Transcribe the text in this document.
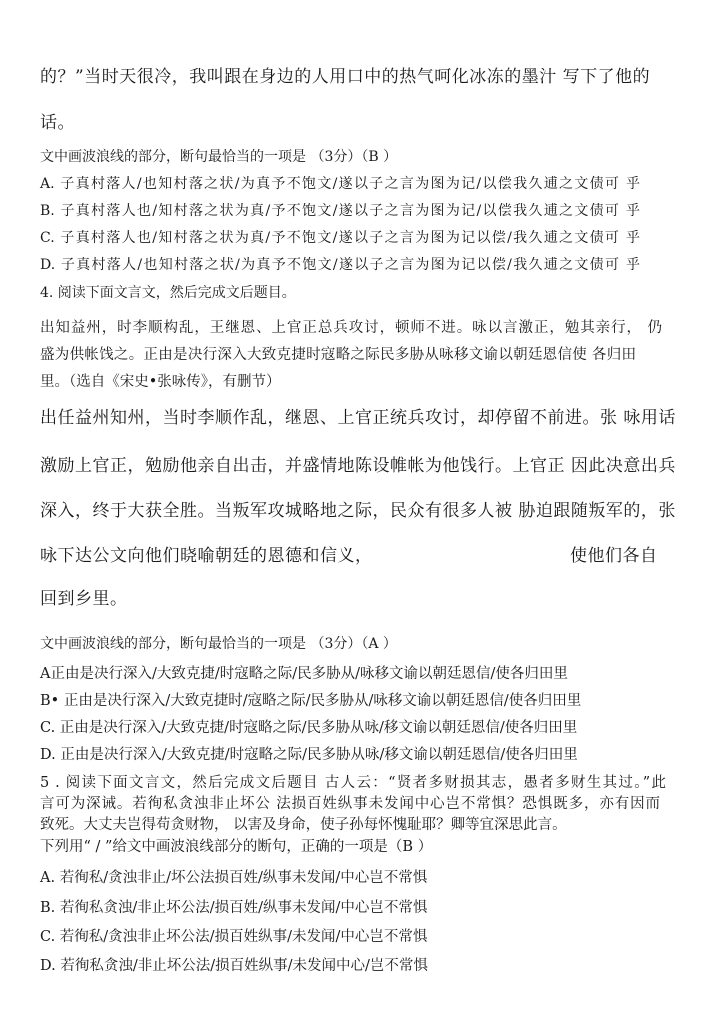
的？”当时天很冷，我叫跟在身边的人用口中的热气呵化冰冻的墨汁 写下了他的
话。
文中画波浪线的部分，断句最恰当的一项是 （3分）（B ）
A. 子真村落人/也知村落之状/为真予不饱文/遂以子之言为图为记/以偿我久逋之文债可 乎
B. 子真村落人也/知村落之状为真/予不饱文/遂以子之言为图为记/以偿我久逋之文债可 乎
C. 子真村落人也/知村落之状为真/予不饱文/遂以子之言为图为记以偿/我久逋之文债可 乎
D. 子真村落人/也知村落之状/为真予不饱文/遂以子之言为图为记以偿/我久逋之文债可 乎
4. 阅读下面文言文，然后完成文后题目。
出知益州，时李顺构乱，王继恩、上官正总兵攻讨，顿师不进。咏以言激正，勉其亲行， 仍
盛为供帐饯之。正由是决行深入大致克捷时寇略之际民多胁从咏移文谕以朝廷恩信使 各归田
里。（选自《宋史•张咏传》，有删节）
出任益州知州，当时李顺作乱，继恩、上官正统兵攻讨，却停留不前进。张 咏用话
激励上官正，勉励他亲自出击，并盛情地陈设帷帐为他饯行。上官正 因此决意出兵
深入，终于大获全胜。当叛军攻城略地之际，民众有很多人被 胁迫跟随叛军的，张
咏下达公文向他们晓喻朝廷的恩德和信义，	使他们各自
回到乡里。
文中画波浪线的部分，断句最恰当的一项是 （3分）（A ）
A正由是决行深入/大致克捷/时寇略之际/民多胁从/咏移文谕以朝廷恩信/使各归田里
B• 正由是决行深入/大致克捷时/寇略之际/民多胁从/咏移文谕以朝廷恩信/使各归田里
C. 正由是决行深入/大致克捷/时寇略之际/民多胁从咏/移文谕以朝廷恩信/使各归田里
D. 正由是决行深入/大致克捷/时寇略之际/民多胁从咏/移文谕以朝廷恩信/使各归田里
5 . 阅读下面文言文，然后完成文后题目 古人云：“贤者多财损其志，愚者多财生其过。”此
言可为深诫。若徇私贪浊非止坏公 法损百姓纵事未发闻中心岂不常惧？恐惧既多，亦有因而
致死。大丈夫岂得苟贪财物， 以害及身命，使子孙每怀愧耻耶？卿等宜深思此言。
下列用“ / ”给文中画波浪线部分的断句，正确的一项是（B ）
A. 若徇私/贪浊非止/坏公法损百姓/纵事未发闻/中心岂不常惧
B. 若徇私贪浊/非止坏公法/损百姓/纵事未发闻/中心岂不常惧
C. 若徇私/贪浊非止坏公法/损百姓纵事/未发闻/中心岂不常惧
D. 若徇私贪浊/非止坏公法/损百姓纵事/未发闻中心/岂不常惧
